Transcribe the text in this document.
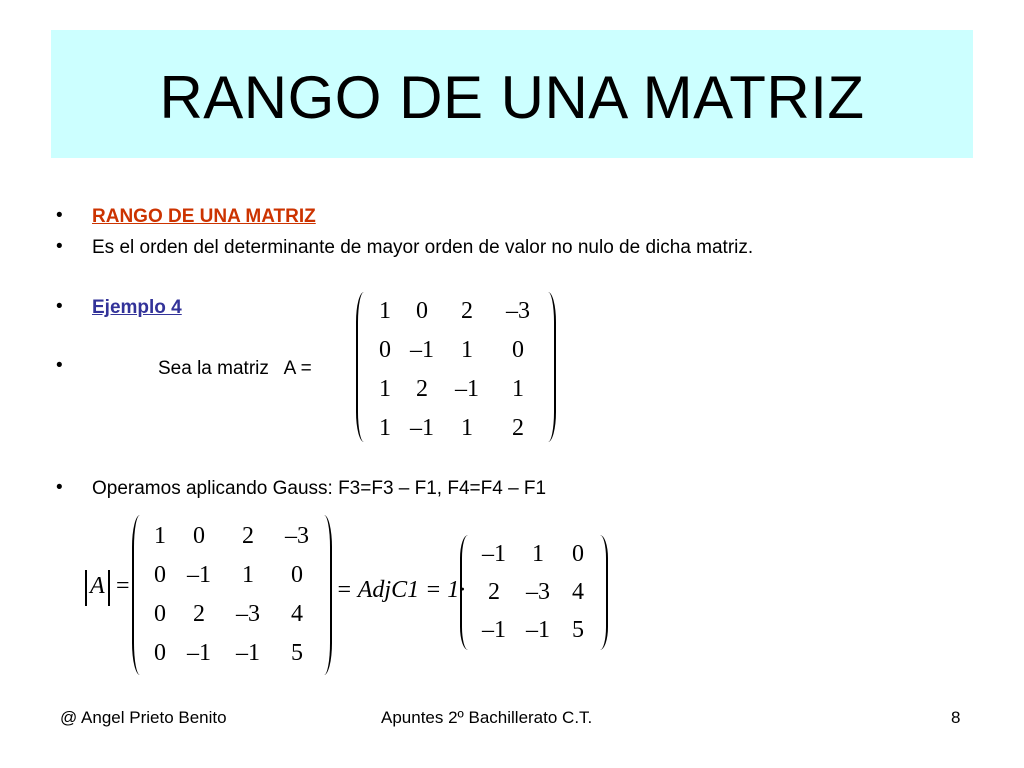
RANGO DE UNA MATRIZ
• RANGO DE UNA MATRIZ
• Es el orden del determinante de mayor orden de valor no nulo de dicha matriz.
• Ejemplo 4
•	Sea la matriz   A =
1	0	2	–3
0 –1	1	0
1	2	–1	1
1 –1	1	2
• Operamos aplicando Gauss: F3=F3 – F1, F4=F4 – F1
A =
1	0	2	–3
0 –1	1	0
0	2	–3	4
0 –1	–1	5
= AdjC1 = 1·
–1	1	0
2	–3 4
–1 –1 5
@ Angel Prieto Benito	Apuntes 2º Bachillerato C.T.	8
